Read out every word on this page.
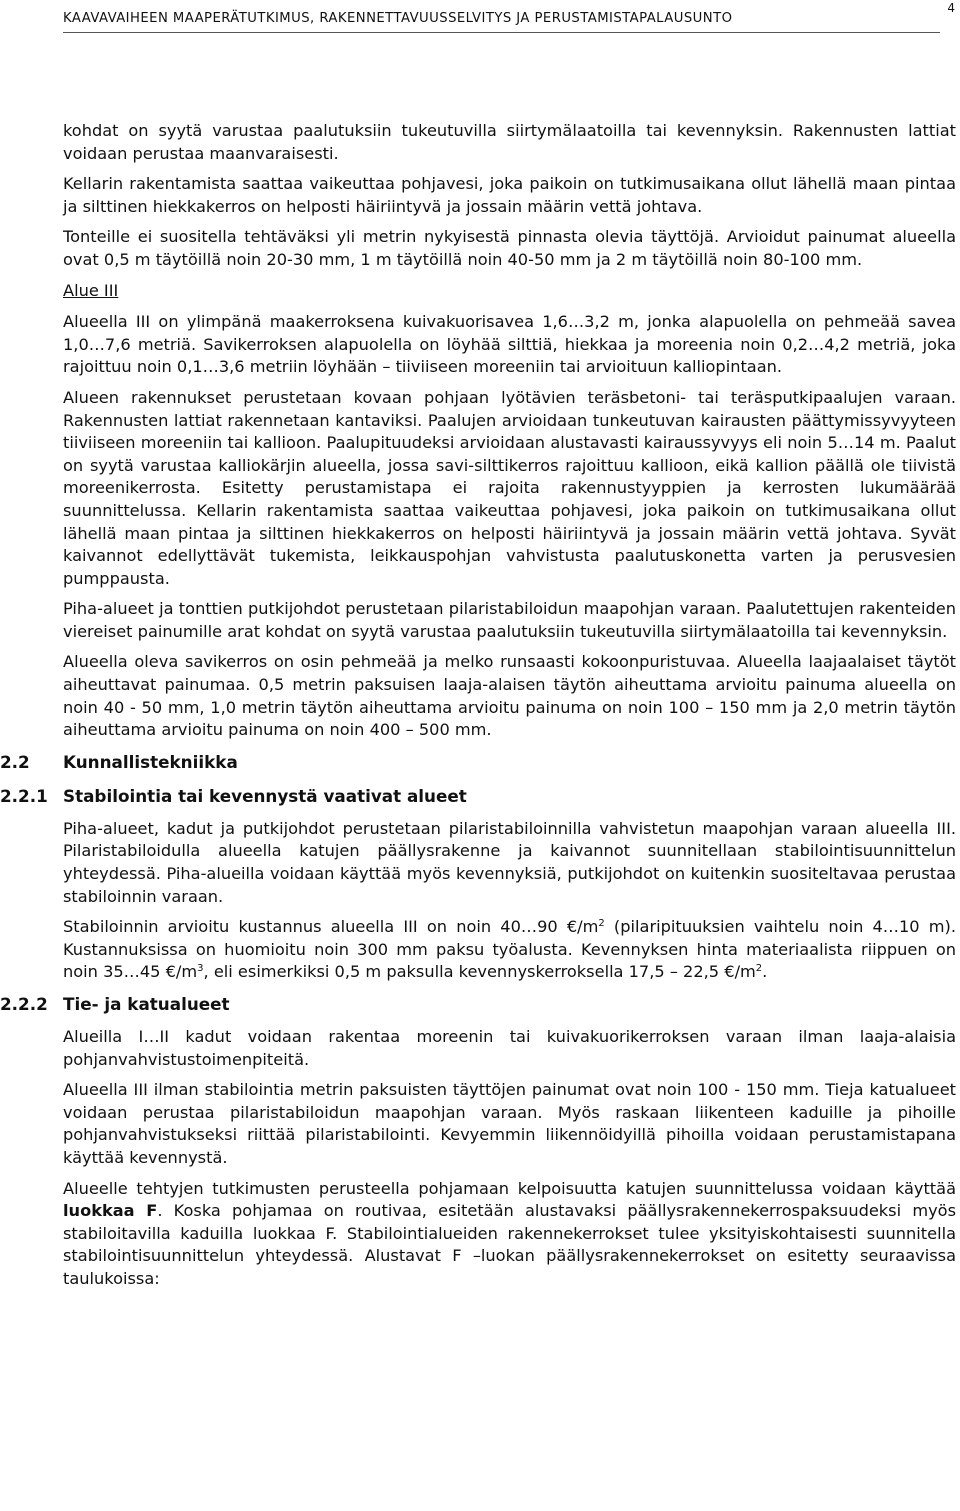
4
KAAVAVAIHEEN MAAPERÄTUTKIMUS, RAKENNETTAVUUSSELVITYS JA PERUSTAMISTAPALAUSUNTO

kohdat on syytä varustaa paalutuksiin tukeutuvilla siirtymälaatoilla tai kevennyksin. Rakennusten lattiat voidaan perustaa maanvaraisesti.

Kellarin rakentamista saattaa vaikeuttaa pohjavesi, joka paikoin on tutkimusaikana ollut lähellä maan pintaa ja silttinen hiekkakerros on helposti häiriintyvä ja jossain määrin vettä johtava.

Tonteille ei suositella tehtäväksi yli metrin nykyisestä pinnasta olevia täyttöjä. Arvioidut painumat alueella ovat 0,5 m täytöillä noin 20-30 mm, 1 m täytöillä noin 40-50 mm ja 2 m täytöillä noin 80-100 mm.

Alue III

Alueella III on ylimpänä maakerroksena kuivakuorisavea 1,6…3,2 m, jonka alapuolella on pehmeää savea 1,0…7,6 metriä. Savikerroksen alapuolella on löyhää silttiä, hiekkaa ja moreenia noin 0,2…4,2 metriä, joka rajoittuu noin 0,1…3,6 metriin löyhään – tiiviiseen moreeniin tai arvioituun kalliopintaan.

Alueen rakennukset perustetaan kovaan pohjaan lyötävien teräsbetoni- tai teräsputkipaalujen varaan. Rakennusten lattiat rakennetaan kantaviksi. Paalujen arvioidaan tunkeutuvan kairausten päättymissyvyyteen tiiviiseen moreeniin tai kallioon. Paalupituudeksi arvioidaan alustavasti kairaussyvyys eli noin 5…14 m. Paalut on syytä varustaa kalliokärjin alueella, jossa savi-silttikerros rajoittuu kallioon, eikä kallion päällä ole tiivistä moreenikerrosta. Esitetty perustamistapa ei rajoita rakennustyyppien ja kerrosten lukumäärää suunnittelussa. Kellarin rakentamista saattaa vaikeuttaa pohjavesi, joka paikoin on tutkimusaikana ollut lähellä maan pintaa ja silttinen hiekkakerros on helposti häiriintyvä ja jossain määrin vettä johtava. Syvät kaivannot edellyttävät tukemista, leikkauspohjan vahvistusta paalutuskonetta varten ja perusvesien pumppausta.

Piha-alueet ja tonttien putkijohdot perustetaan pilaristabiloidun maapohjan varaan. Paalutettujen rakenteiden viereiset painumille arat kohdat on syytä varustaa paalutuksiin tukeutuvilla siirtymälaatoilla tai kevennyksin.

Alueella oleva savikerros on osin pehmeää ja melko runsaasti kokoonpuristuvaa. Alueella laajaalaiset täytöt aiheuttavat painumaa. 0,5 metrin paksuisen laaja-alaisen täytön aiheuttama arvioitu painuma alueella on noin 40 - 50 mm, 1,0 metrin täytön aiheuttama arvioitu painuma on noin 100 – 150 mm ja 2,0 metrin täytön aiheuttama arvioitu painuma on noin 400 – 500 mm.

2.2	Kunnallistekniikka
2.2.1 Stabilointia tai kevennystä vaativat alueet

Piha-alueet, kadut ja putkijohdot perustetaan pilaristabiloinnilla vahvistetun maapohjan varaan alueella III. Pilaristabiloidulla alueella katujen päällysrakenne ja kaivannot suunnitellaan stabilointisuunnittelun yhteydessä. Piha-alueilla voidaan käyttää myös kevennyksiä, putkijohdot on kuitenkin suositeltavaa perustaa stabiloinnin varaan.

Stabiloinnin arvioitu kustannus alueella III on noin 40…90 $€/m^2$ (pilaripituuksien vaihtelu noin 4…10 m). Kustannuksissa on huomioitu noin 300 mm paksu työalusta. Kevennyksen hinta materiaalista riippuen on noin 35…45 $€/m^3$, eli esimerkiksi 0,5 m paksulla kevennyskerroksella 17,5 – 22,5 $€/m^2$.

2.2.2 Tie- ja katualueet

Alueilla I…II kadut voidaan rakentaa moreenin tai kuivakuorikerroksen varaan ilman laaja-alaisia pohjanvahvistustoimenpiteitä.

Alueella III ilman stabilointia metrin paksuisten täyttöjen painumat ovat noin 100 - 150 mm. Tieja katualueet voidaan perustaa pilaristabiloidun maapohjan varaan. Myös raskaan liikenteen kaduille ja pihoille pohjanvahvistukseksi riittää pilaristabilointi. Kevyemmin liikennöidyillä pihoilla voidaan perustamistapana käyttää kevennystä.

Alueelle tehtyjen tutkimusten perusteella pohjamaan kelpoisuutta katujen suunnittelussa voidaan käyttää luokkaa F. Koska pohjamaa on routivaa, esitetään alustavaksi päällysrakennekerrospaksuudeksi myös stabiloitavilla kaduilla luokkaa F. Stabilointialueiden rakennekerrokset tulee yksityiskohtaisesti suunnitella stabilointisuunnittelun yhteydessä. Alustavat F –luokan päällysrakennekerrokset on esitetty seuraavissa taulukoissa:
